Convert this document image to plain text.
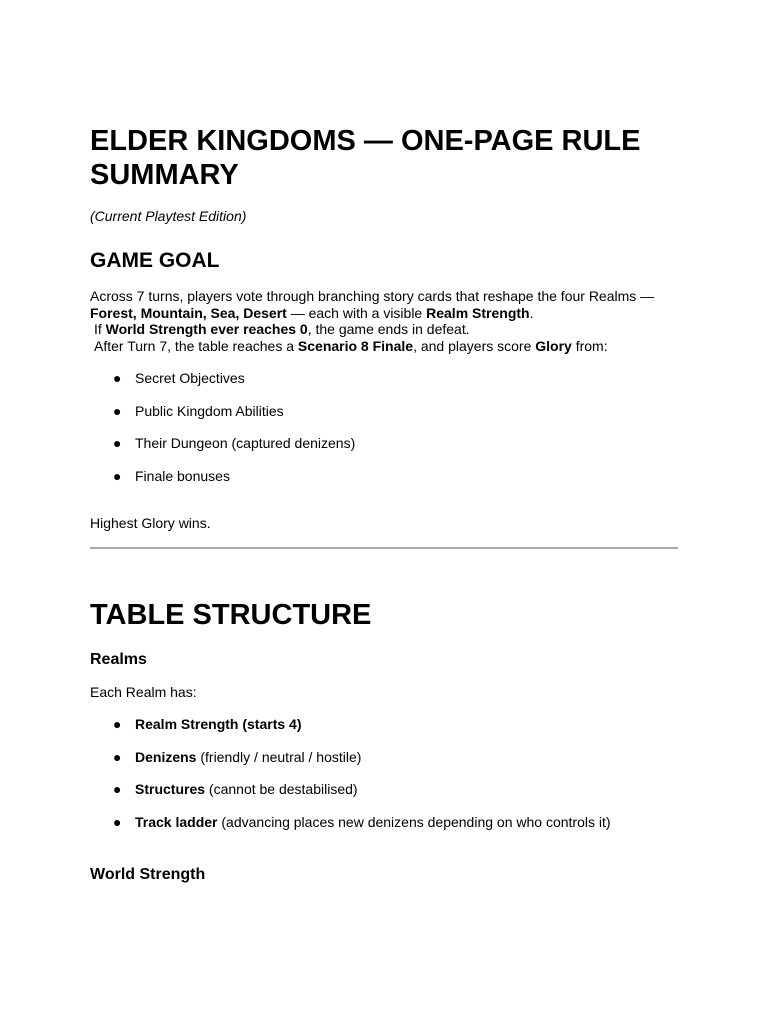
ELDER KINGDOMS — ONE-PAGE RULE SUMMARY

(Current Playtest Edition)

GAME GOAL

Across 7 turns, players vote through branching story cards that reshape the four Realms —
Forest, Mountain, Sea, Desert — each with a visible Realm Strength.
If World Strength ever reaches 0, the game ends in defeat.
After Turn 7, the table reaches a Scenario 8 Finale, and players score Glory from:

● Secret Objectives
● Public Kingdom Abilities
● Their Dungeon (captured denizens)
● Finale bonuses

Highest Glory wins.

TABLE STRUCTURE
Realms

Each Realm has:

● Realm Strength (starts 4)
● Denizens (friendly / neutral / hostile)
● Structures (cannot be destabilised)
● Track ladder (advancing places new denizens depending on who controls it)
World Strength
